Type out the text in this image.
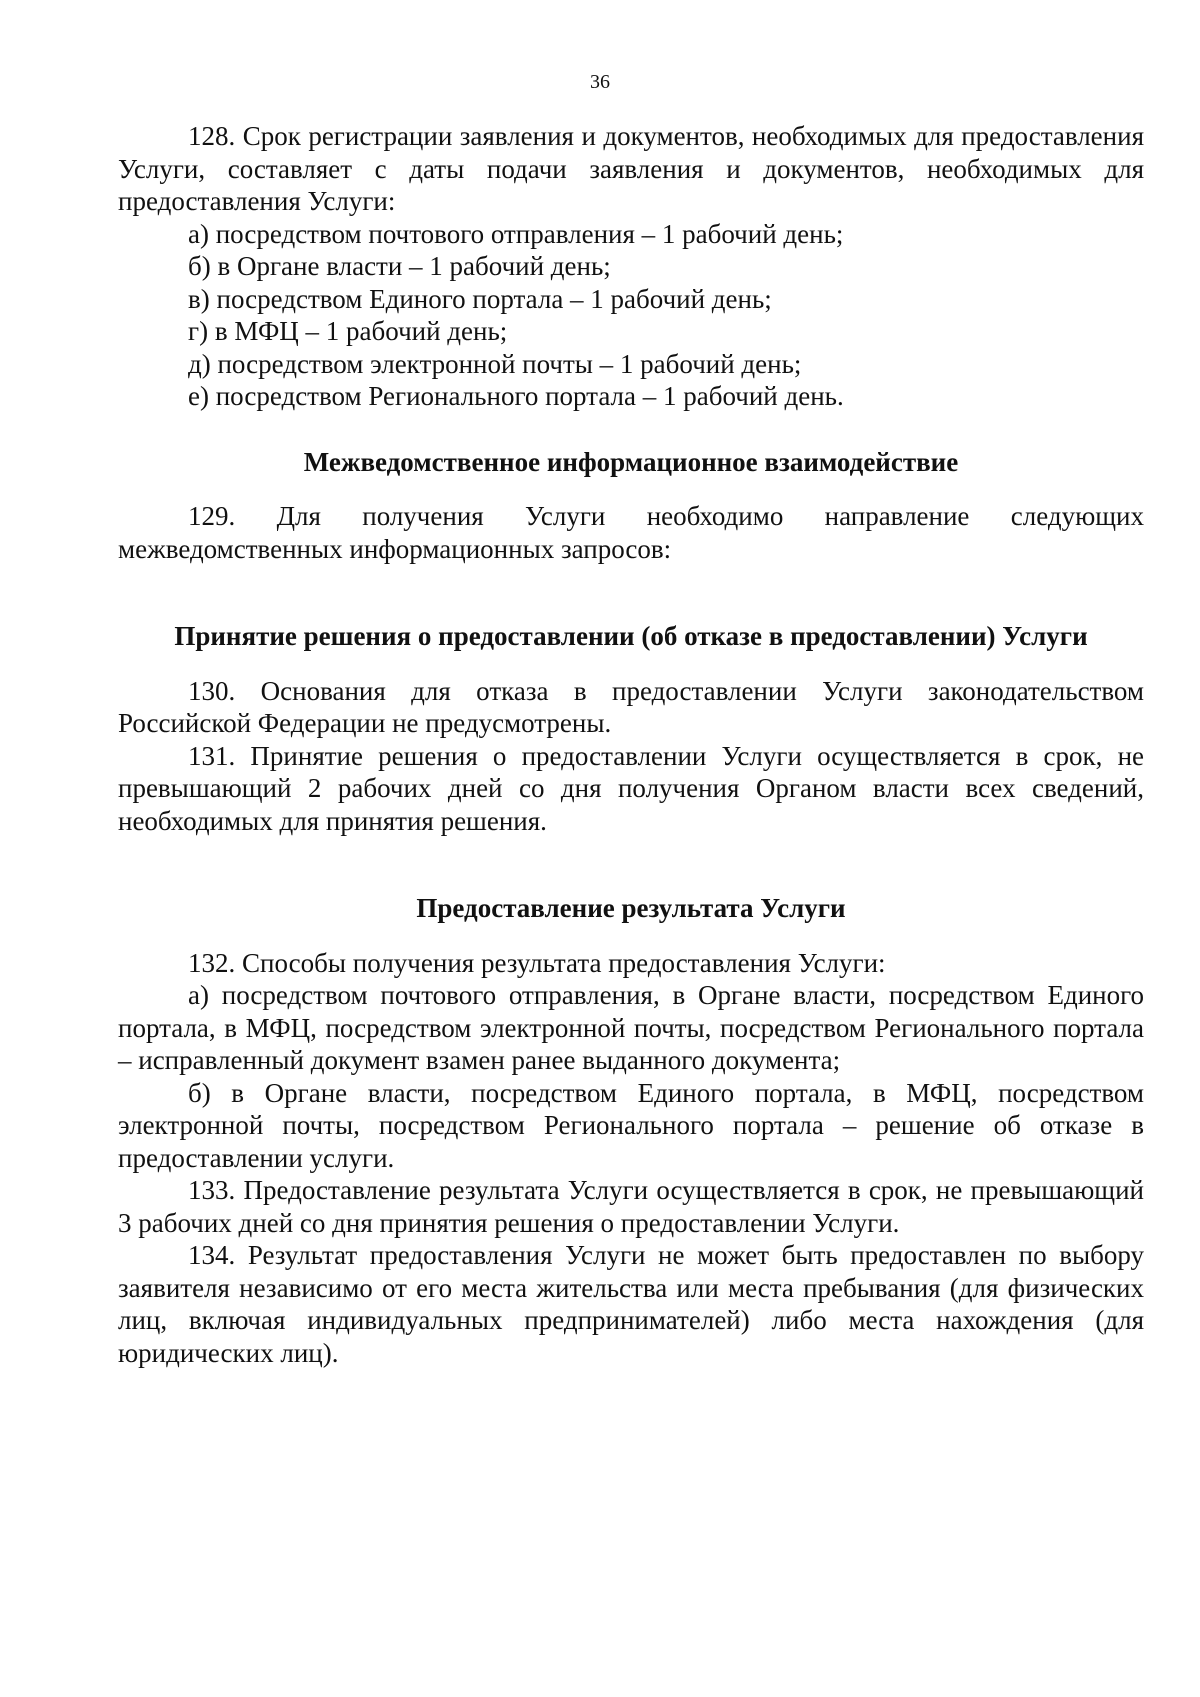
36

128. Срок регистрации заявления и документов, необходимых для предоставления Услуги, составляет с даты подачи заявления и документов, необходимых для предоставления Услуги:

а) посредством почтового отправления – 1 рабочий день;

б) в Органе власти – 1 рабочий день;

в) посредством Единого портала – 1 рабочий день;

г) в МФЦ – 1 рабочий день;

д) посредством электронной почты – 1 рабочий день;

е) посредством Регионального портала – 1 рабочий день.

Межведомственное информационное взаимодействие

129. Для получения Услуги необходимо направление следующих межведомственных информационных запросов:

Принятие решения о предоставлении (об отказе в предоставлении) Услуги

130. Основания для отказа в предоставлении Услуги законодательством Российской Федерации не предусмотрены.

131. Принятие решения о предоставлении Услуги осуществляется в срок, не превышающий 2 рабочих дней со дня получения Органом власти всех сведений, необходимых для принятия решения.

Предоставление результата Услуги

132. Способы получения результата предоставления Услуги:

а) посредством почтового отправления, в Органе власти, посредством Единого портала, в МФЦ, посредством электронной почты, посредством Регионального портала – исправленный документ взамен ранее выданного документа;

б) в Органе власти, посредством Единого портала, в МФЦ, посредством электронной почты, посредством Регионального портала – решение об отказе в предоставлении услуги.

133. Предоставление результата Услуги осуществляется в срок, не превышающий 3 рабочих дней со дня принятия решения о предоставлении Услуги.

134. Результат предоставления Услуги не может быть предоставлен по выбору заявителя независимо от его места жительства или места пребывания (для физических лиц, включая индивидуальных предпринимателей) либо места нахождения (для юридических лиц).
